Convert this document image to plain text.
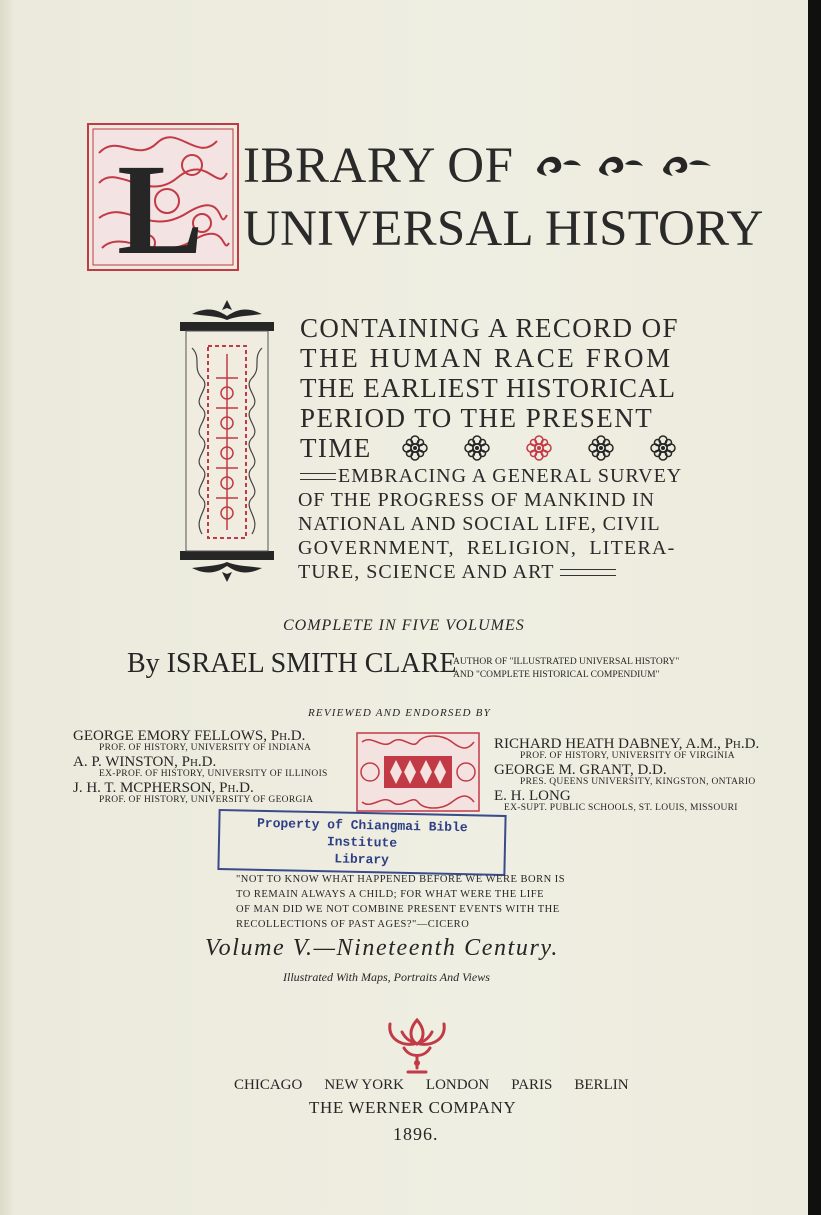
L IBRARY OF
UNIVERSAL HISTORY
CONTAINING A RECORD OF
THE HUMAN RACE FROM
THE EARLIEST HISTORICAL
PERIOD TO THE PRESENT
TIME
EMBRACING A GENERAL SURVEY
OF THE PROGRESS OF MANKIND IN
NATIONAL AND SOCIAL LIFE, CIVIL
GOVERNMENT, RELIGION, LITERA-
TURE, SCIENCE AND ART
COMPLETE IN FIVE VOLUMES
By ISRAEL SMITH CLARE
AUTHOR OF "ILLUSTRATED UNIVERSAL HISTORY"
AND "COMPLETE HISTORICAL COMPENDIUM"
REVIEWED AND ENDORSED BY
GEORGE EMORY FELLOWS, Ph.D.
PROF. OF HISTORY, UNIVERSITY OF INDIANA
A. P. WINSTON, Ph.D.
EX-PROF. OF HISTORY, UNIVERSITY OF ILLINOIS
J. H. T. MCPHERSON, Ph.D.
PROF. OF HISTORY, UNIVERSITY OF GEORGIA
RICHARD HEATH DABNEY, A.M., Ph.D.
PROF. OF HISTORY, UNIVERSITY OF VIRGINIA
GEORGE M. GRANT, D.D.
PRES. QUEENS UNIVERSITY, KINGSTON, ONTARIO
E. H. LONG
EX-SUPT. PUBLIC SCHOOLS, ST. LOUIS, MISSOURI
Property of Chiangmai Bible Institute
Library
"NOT TO KNOW WHAT HAPPENED BEFORE WE WERE BORN IS
TO REMAIN ALWAYS A CHILD; FOR WHAT WERE THE LIFE
OF MAN DID WE NOT COMBINE PRESENT EVENTS WITH THE
RECOLLECTIONS OF PAST AGES?"—CICERO
Volume V.—Nineteenth Century.
Illustrated With Maps, Portraits And Views
CHICAGO NEW YORK LONDON PARIS BERLIN
THE WERNER COMPANY
1896.
